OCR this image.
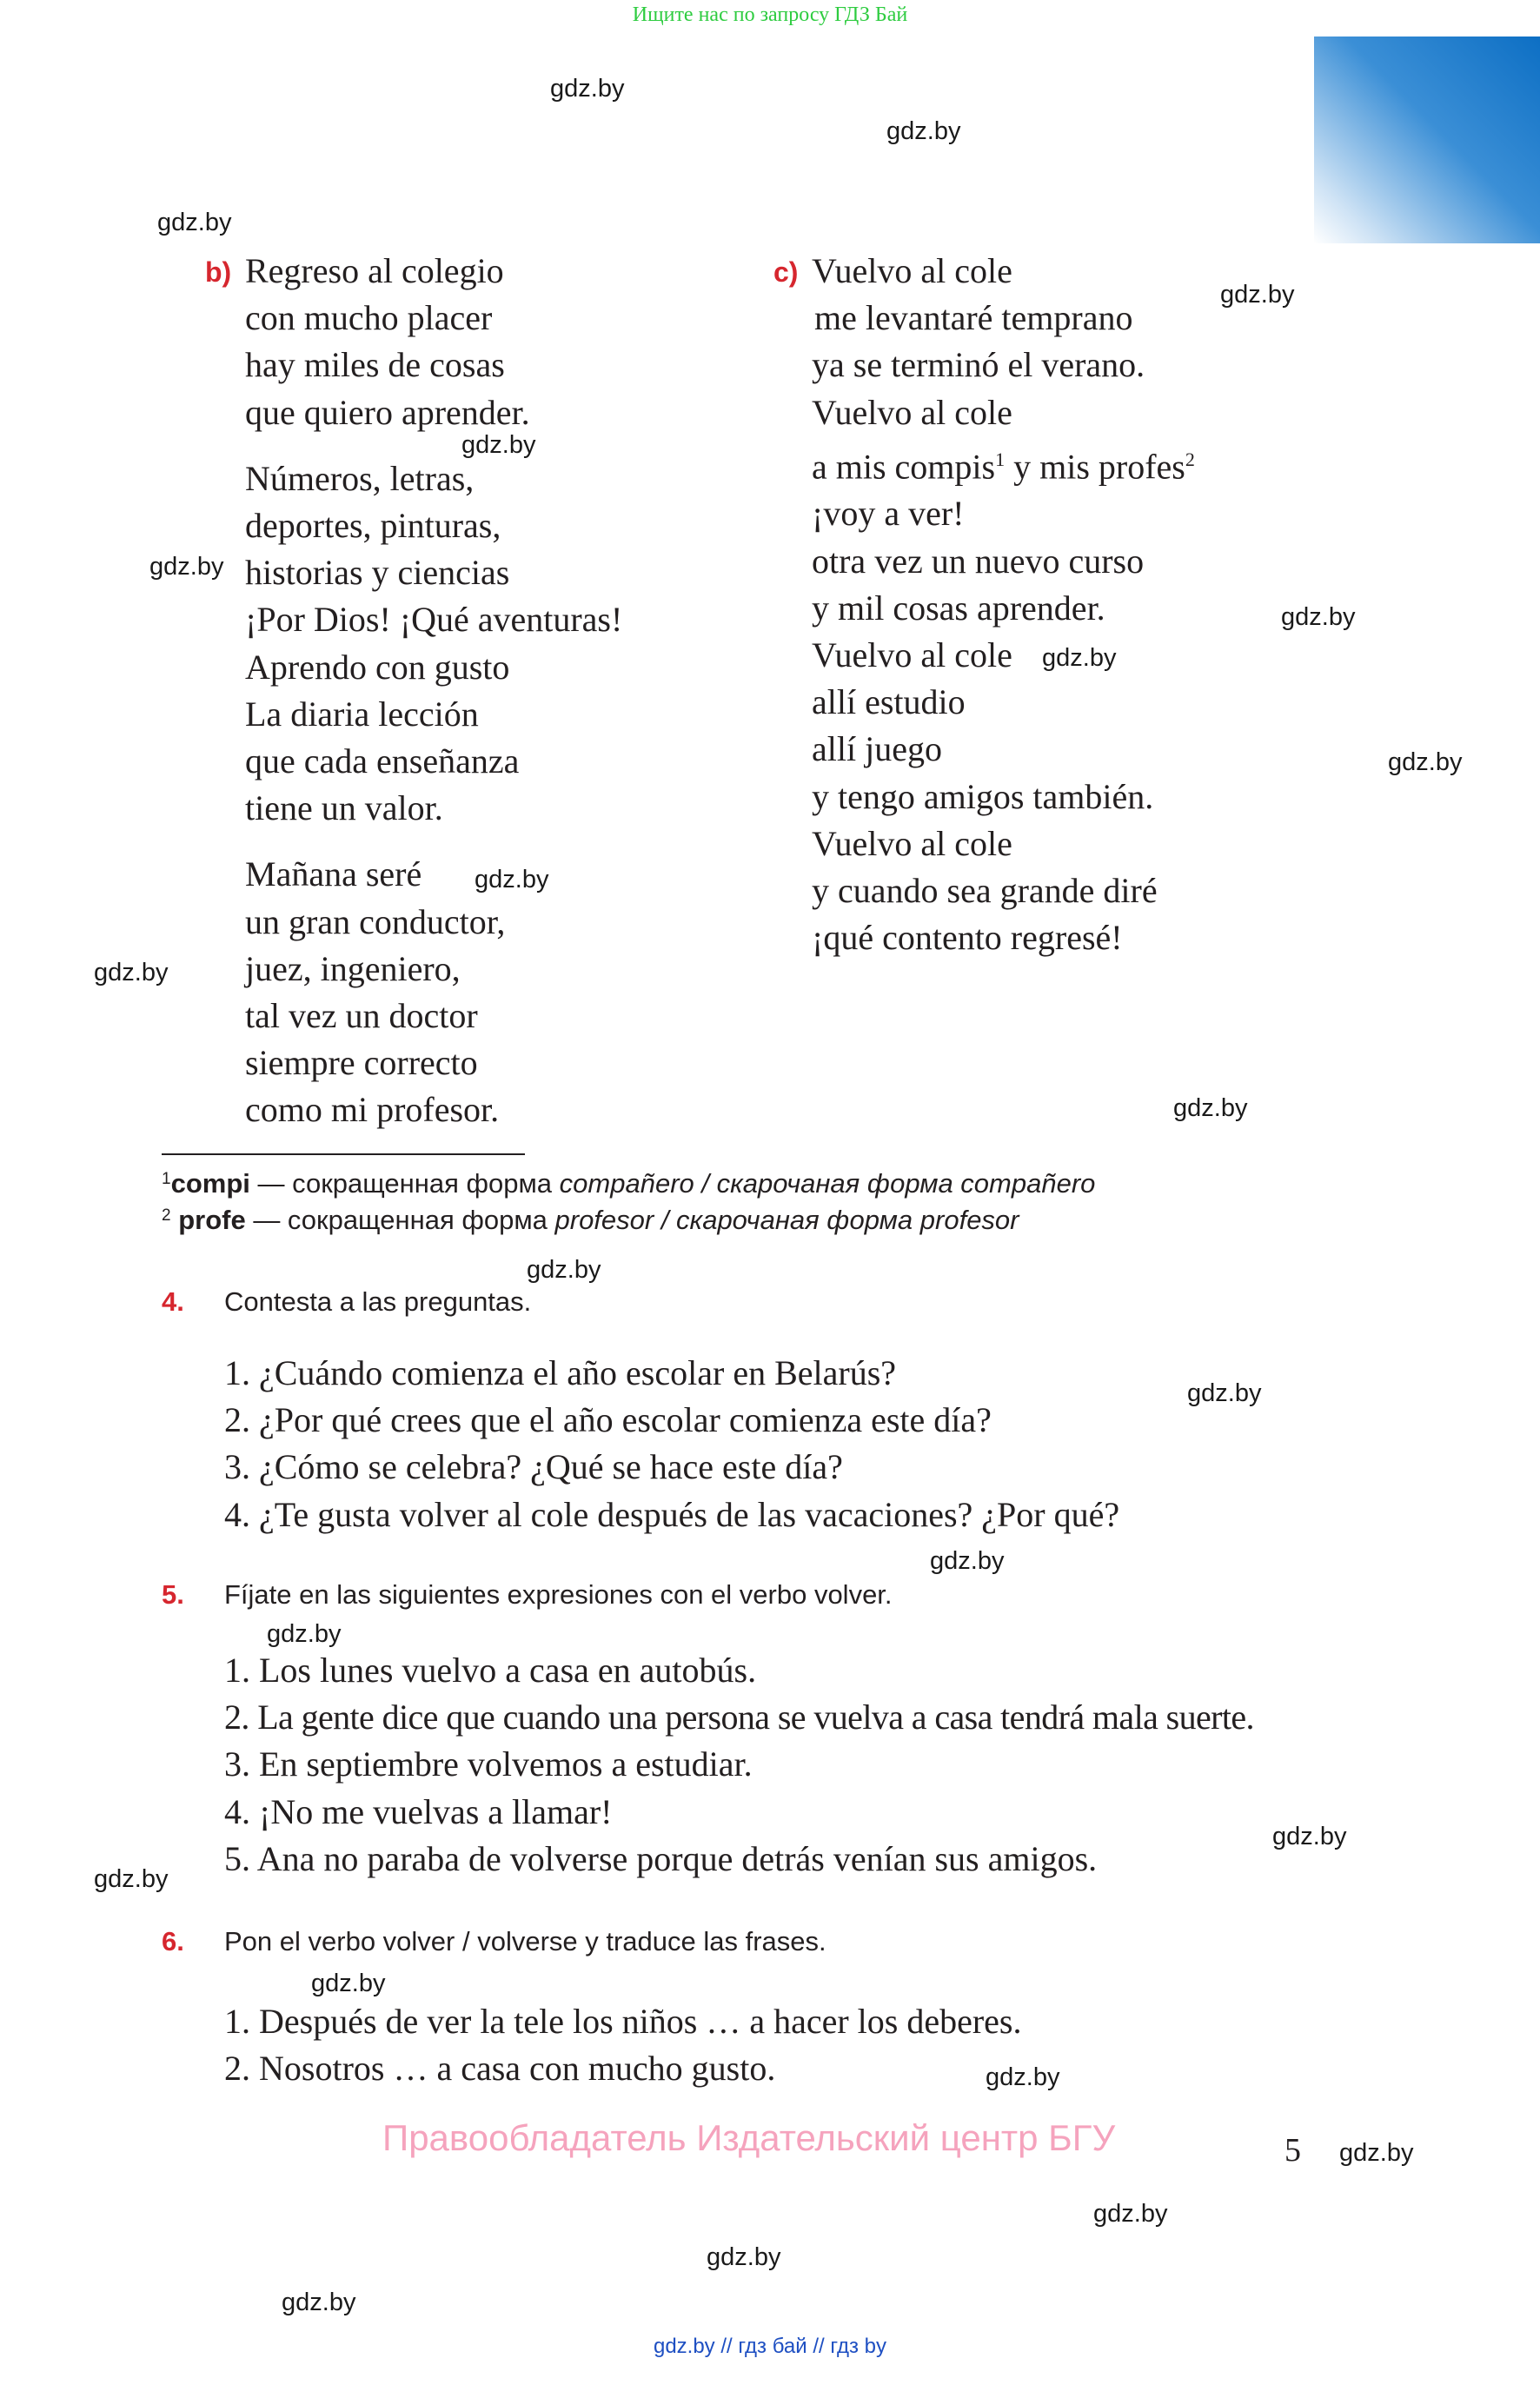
Ищите нас по запросу ГДЗ Бай
gdz.by
gdz.by
gdz.by
gdz.by
gdz.by
gdz.by
gdz.by
gdz.by
gdz.by
gdz.by
gdz.by
gdz.by
gdz.by
gdz.by
gdz.by
gdz.by
gdz.by
gdz.by
gdz.by
gdz.by
gdz.by
gdz.by
gdz.by
gdz.by
b) Regreso al colegio
con mucho placer
hay miles de cosas
que quiero aprender.
Números, letras,
deportes, pinturas,
historias y ciencias
¡Por Dios! ¡Qué aventuras!
Aprendo con gusto
La diaria lección
que cada enseñanza
tiene un valor.
Mañana seré
un gran conductor,
juez, ingeniero,
tal vez un doctor
siempre correcto
como mi profesor.
c) Vuelvo al cole
me levantaré temprano
ya se terminó el verano.
Vuelvo al cole
a mis compis$^1$ y mis profes$^2$
¡voy a ver!
otra vez un nuevo curso
y mil cosas aprender.
Vuelvo al cole
allí estudio
allí juego
y tengo amigos también.
Vuelvo al cole
y cuando sea grande diré
¡qué contento regresé!
$^1$compi — сокращенная форма compañero / скарочаная форма compañero
$^2$ profe — сокращенная форма profesor / скарочаная форма profesor
4. Contesta a las preguntas.
1. ¿Cuándo comienza el año escolar en Belarús?
2. ¿Por qué crees que el año escolar comienza este día?
3. ¿Cómo se celebra? ¿Qué se hace este día?
4. ¿Te gusta volver al cole después de las vacaciones? ¿Por qué?
5. Fíjate en las siguientes expresiones con el verbo volver.
1. Los lunes vuelvo a casa en autobús.
2. La gente dice que cuando una persona se vuelva a casa tendrá mala suerte.
3. En septiembre volvemos a estudiar.
4. ¡No me vuelvas a llamar!
5. Ana no paraba de volverse porque detrás venían sus amigos.
6. Pon el verbo volver / volverse y traduce las frases.
1. Después de ver la tele los niños … a hacer los deberes.
2. Nosotros … a casa con mucho gusto.
Правообладатель Издательский центр БГУ	5
gdz.by // гдз бай // гдз by
